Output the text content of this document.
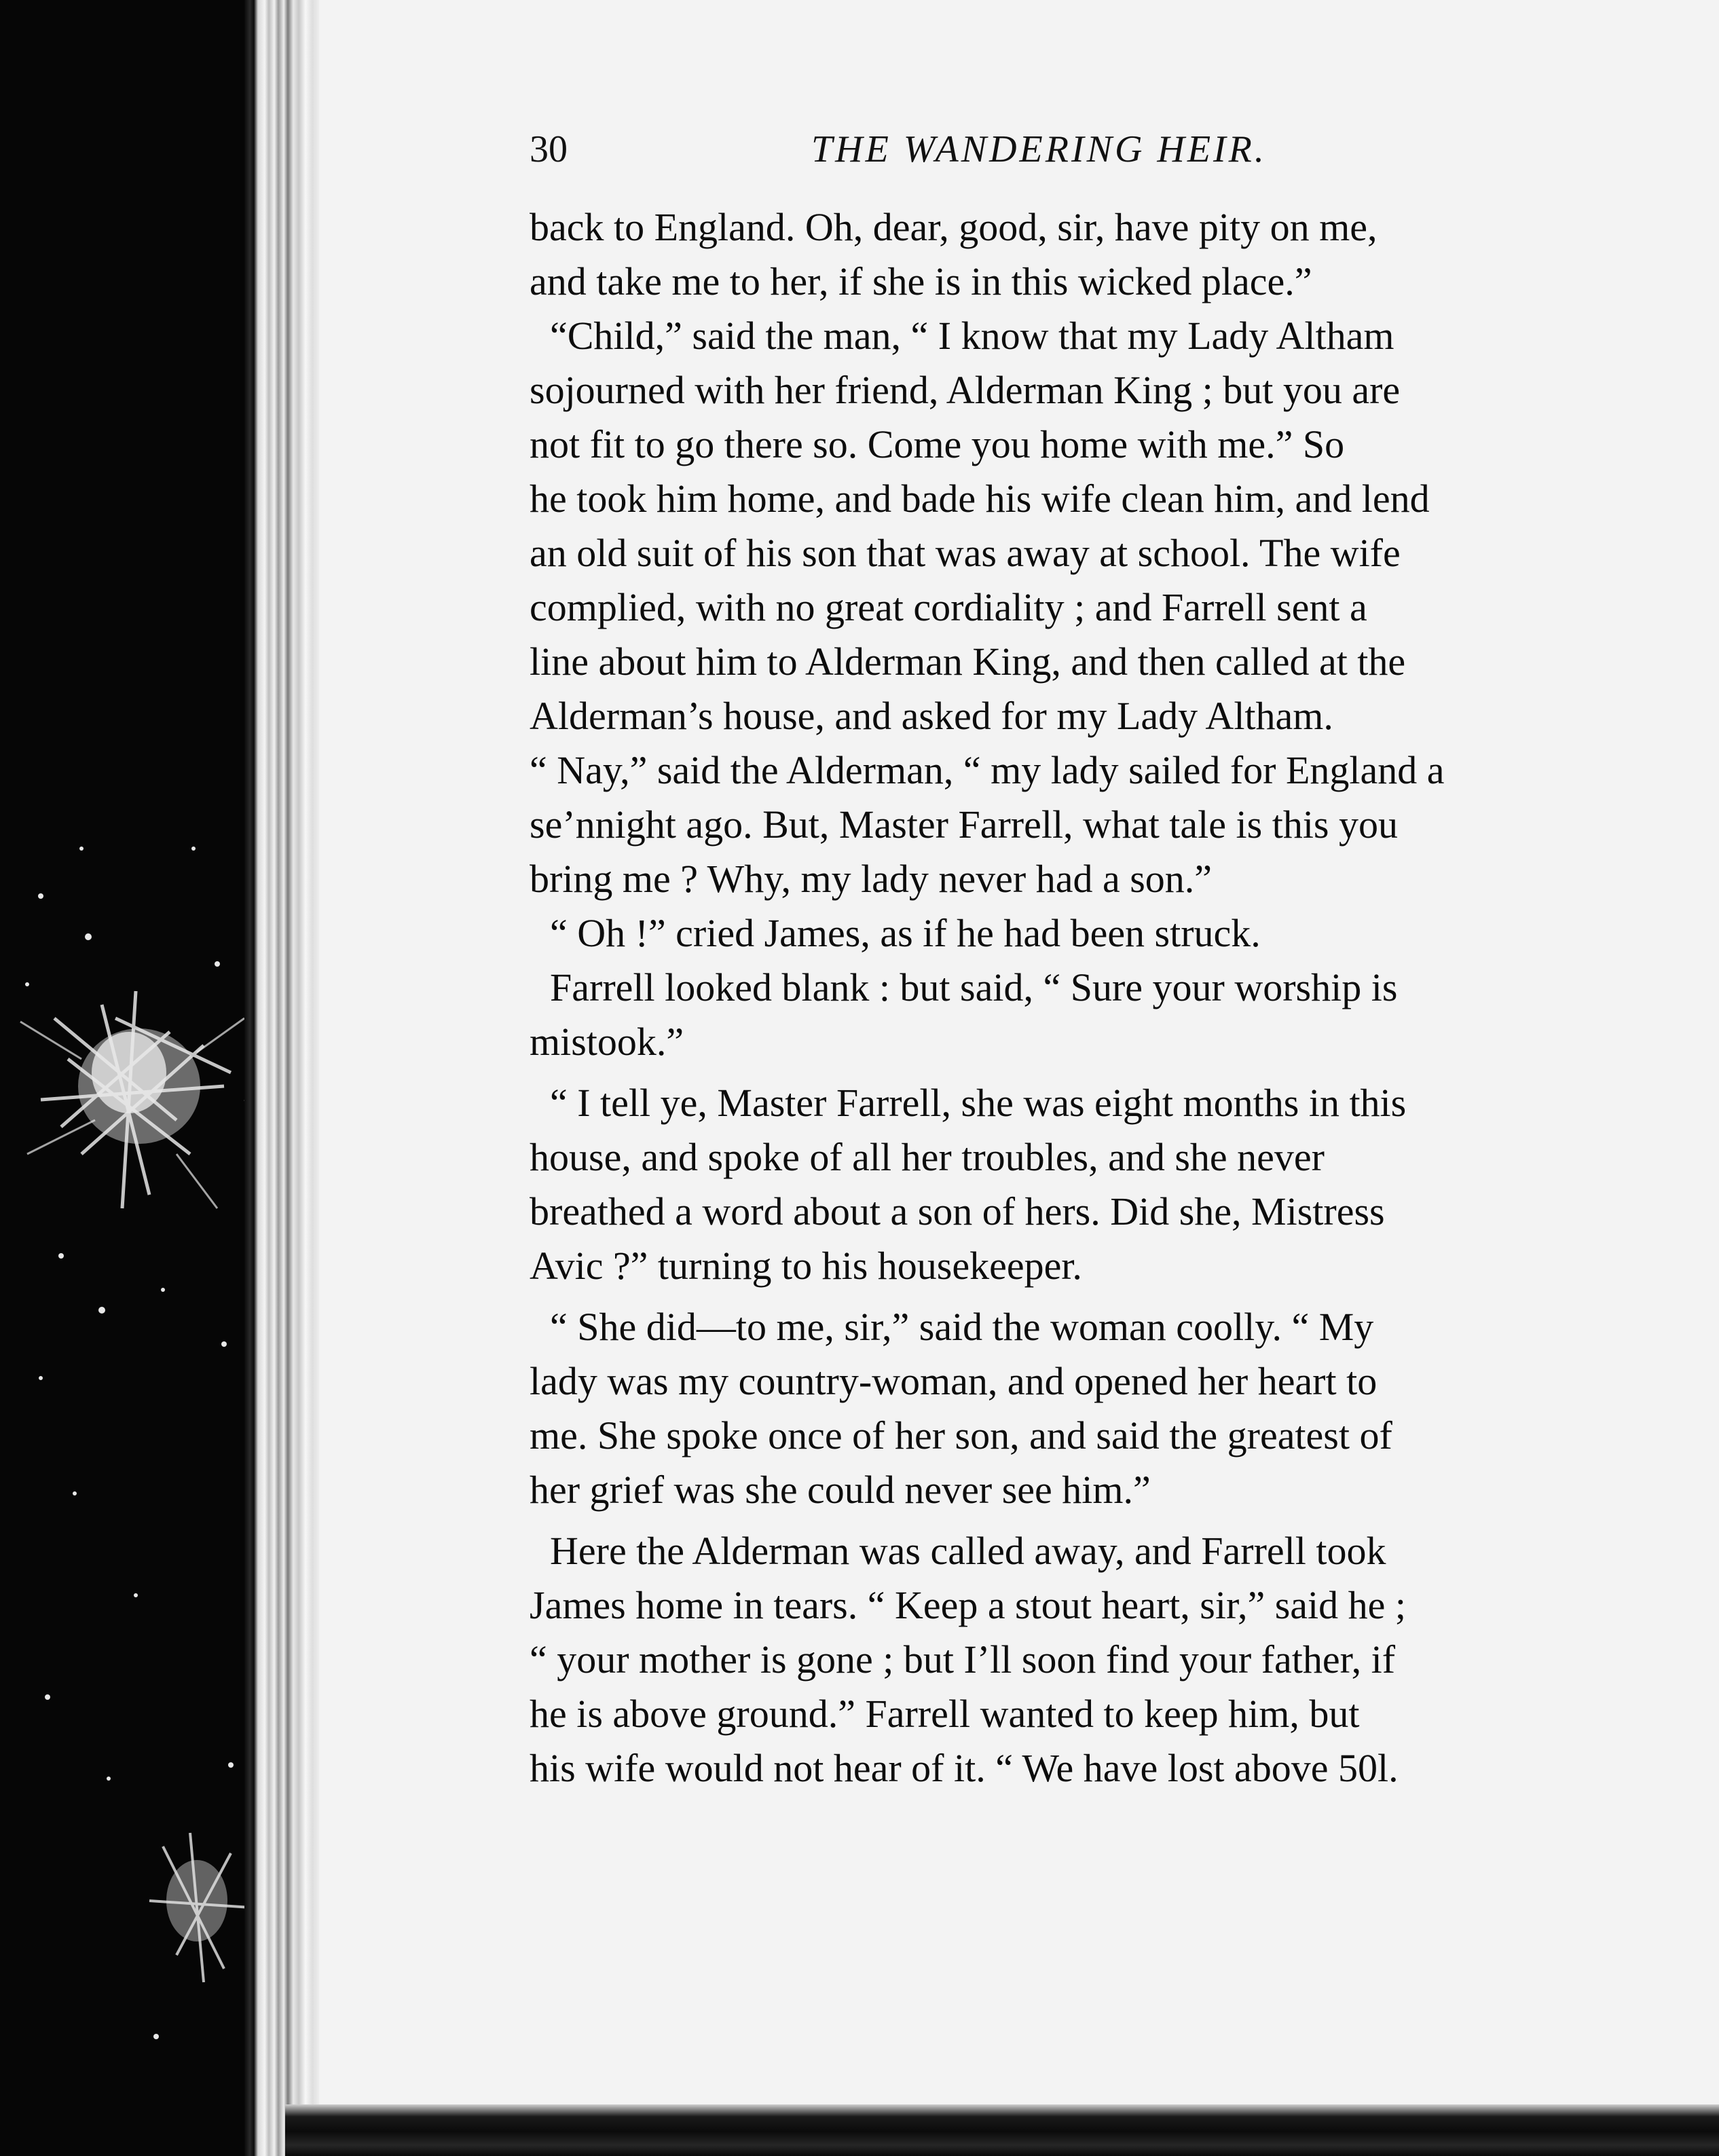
30	THE WANDERING HEIR.
back to England. Oh, dear, good, sir, have pity on me,
and take me to her, if she is in this wicked place.”
“Child,” said the man, “ I know that my Lady Altham
sojourned with her friend, Alderman King ; but you are
not fit to go there so. Come you home with me.” So
he took him home, and bade his wife clean him, and lend
an old suit of his son that was away at school. The wife
complied, with no great cordiality ; and Farrell sent a
line about him to Alderman King, and then called at the
Alderman’s house, and asked for my Lady Altham.
“ Nay,” said the Alderman, “ my lady sailed for England a
se’nnight ago. But, Master Farrell, what tale is this you
bring me ? Why, my lady never had a son.”
“ Oh !” cried James, as if he had been struck.
Farrell looked blank : but said, “ Sure your worship is
mistook.”
“ I tell ye, Master Farrell, she was eight months in this
house, and spoke of all her troubles, and she never
breathed a word about a son of hers. Did she, Mistress
Avic ?” turning to his housekeeper.
“ She did—to me, sir,” said the woman coolly. “ My
lady was my country-woman, and opened her heart to
me. She spoke once of her son, and said the greatest of
her grief was she could never see him.”
Here the Alderman was called away, and Farrell took
James home in tears. “ Keep a stout heart, sir,” said he ;
“ your mother is gone ; but I’ll soon find your father, if
he is above ground.” Farrell wanted to keep him, but
his wife would not hear of it. “ We have lost above 50l.
